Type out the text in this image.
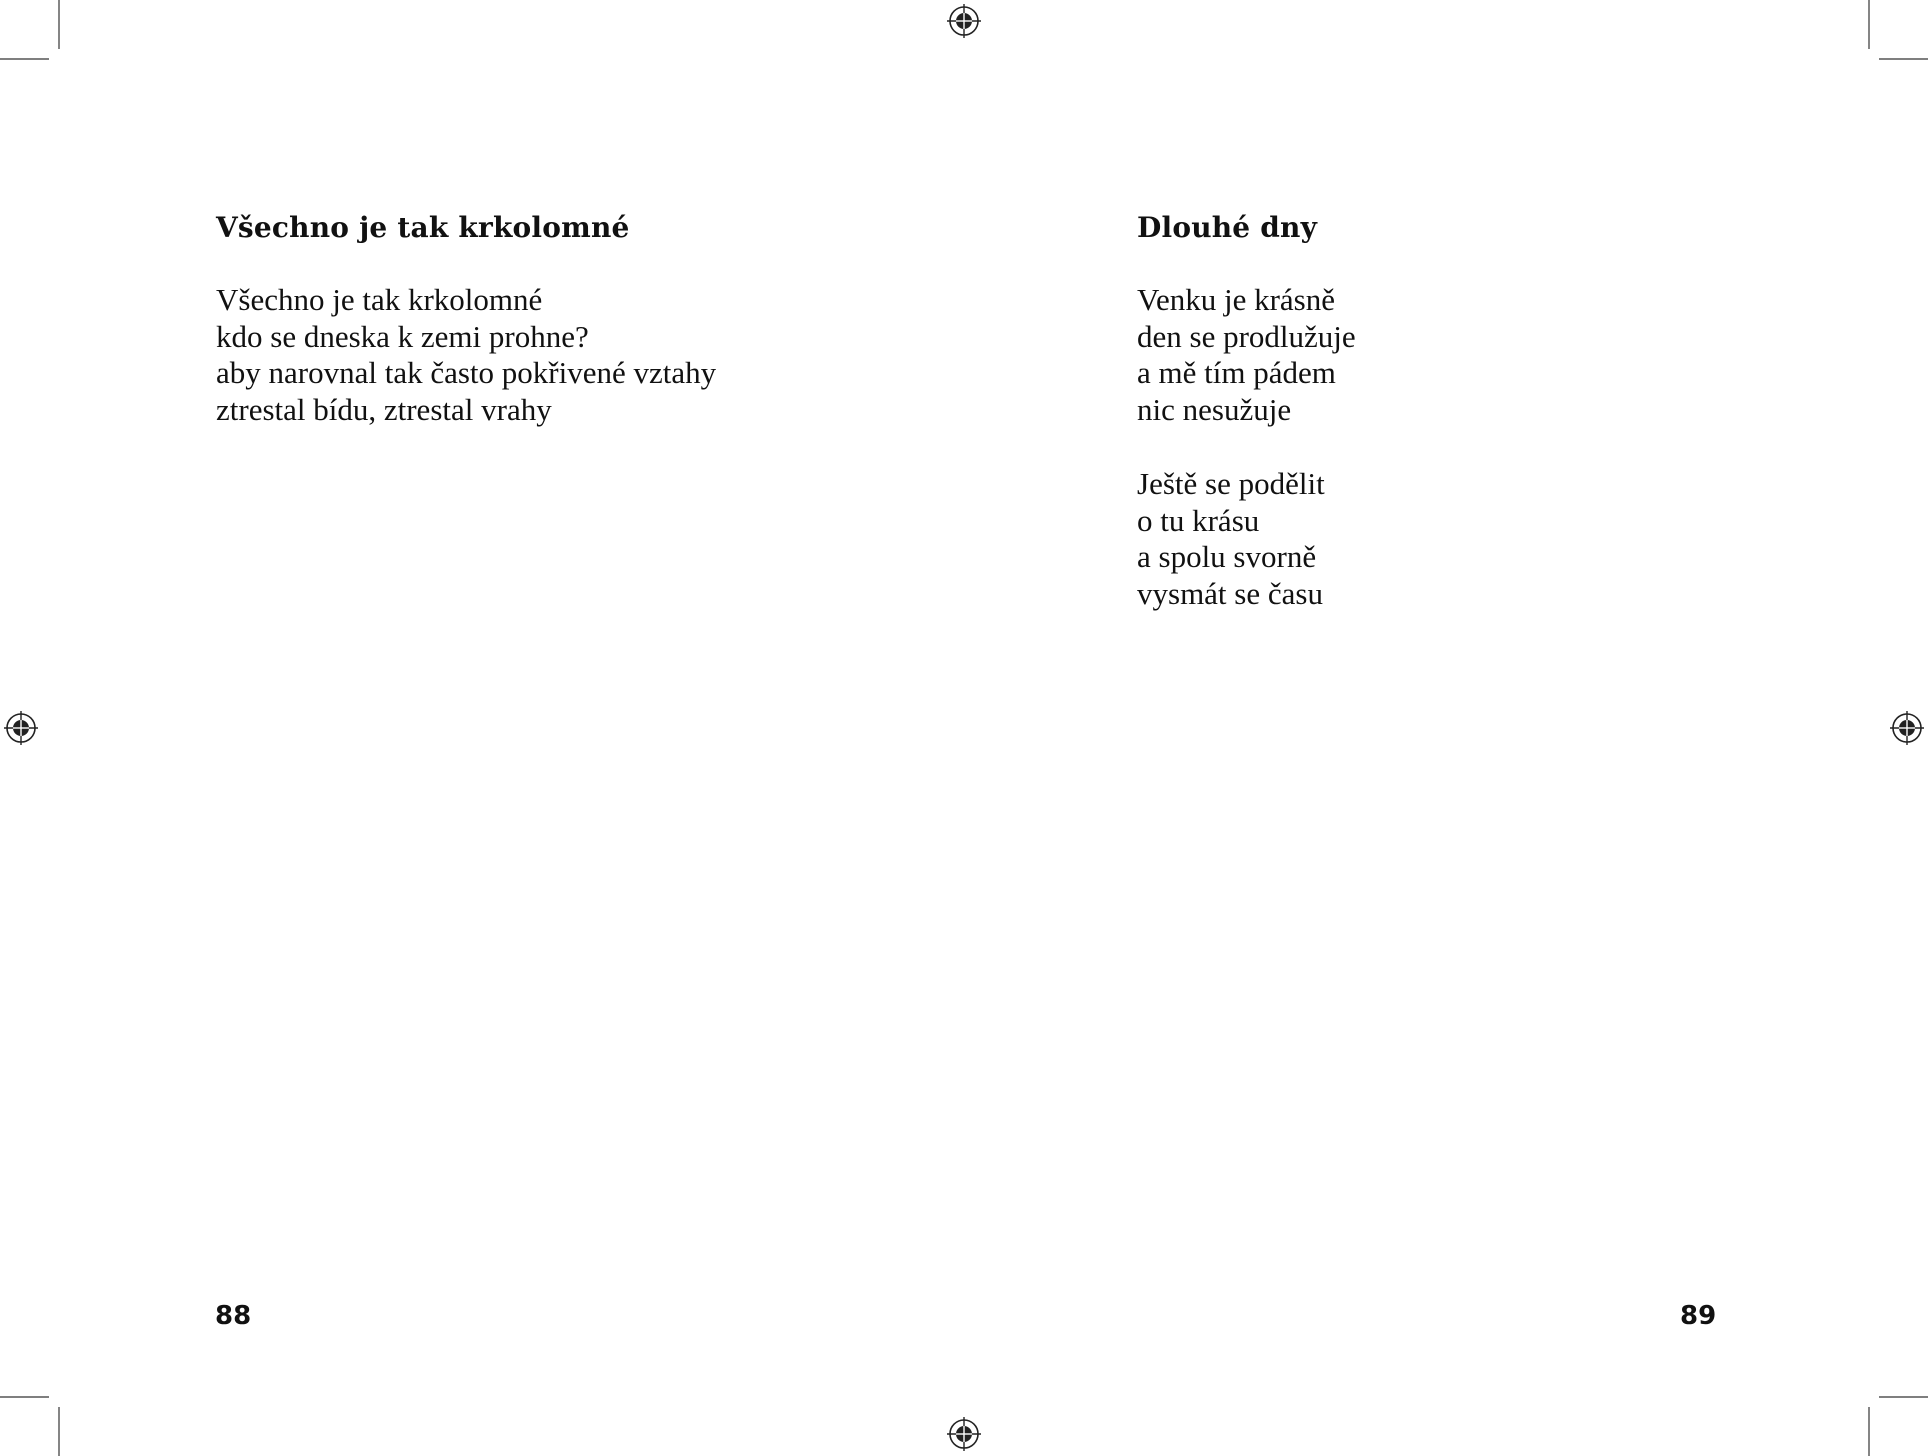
Všechno je tak krkolomné
Všechno je tak krkolomné
kdo se dneska k zemi prohne?
aby narovnal tak často pokřivené vztahy
ztrestal bídu, ztrestal vrahy
88
Dlouhé dny
Venku je krásně
den se prodlužuje
a mě tím pádem
nic nesužuje
Ještě se podělit
o tu krásu
a spolu svorně
vysmát se času
89
